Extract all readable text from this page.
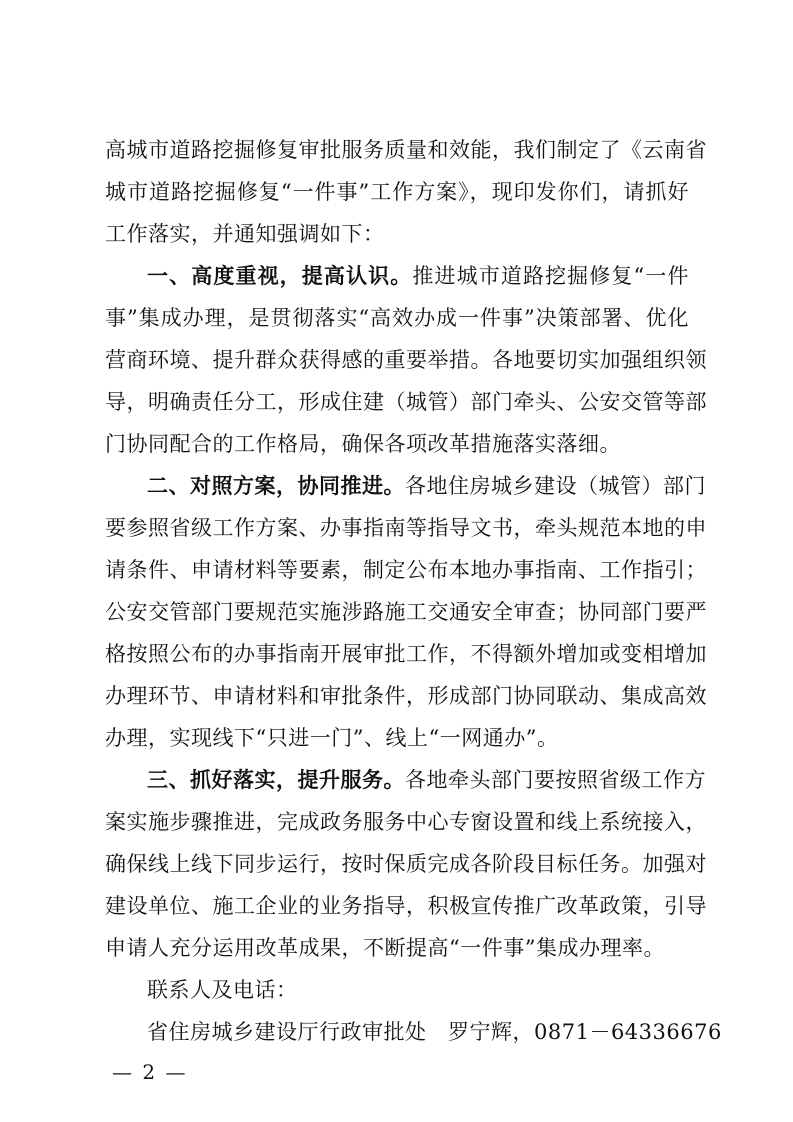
高城市道路挖掘修复审批服务质量和效能，我们制定了《云南省
城市道路挖掘修复“一件事”工作方案》，现印发你们，请抓好
工作落实，并通知强调如下：
一、高度重视，提高认识。推进城市道路挖掘修复“一件
事”集成办理，是贯彻落实“高效办成一件事”决策部署、优化
营商环境、提升群众获得感的重要举措。各地要切实加强组织领
导，明确责任分工，形成住建（城管）部门牵头、公安交管等部
门协同配合的工作格局，确保各项改革措施落实落细。
二、对照方案，协同推进。各地住房城乡建设（城管）部门
要参照省级工作方案、办事指南等指导文书，牵头规范本地的申
请条件、申请材料等要素，制定公布本地办事指南、工作指引；
公安交管部门要规范实施涉路施工交通安全审查；协同部门要严
格按照公布的办事指南开展审批工作，不得额外增加或变相增加
办理环节、申请材料和审批条件，形成部门协同联动、集成高效
办理，实现线下“只进一门”、线上“一网通办”。
三、抓好落实，提升服务。各地牵头部门要按照省级工作方
案实施步骤推进，完成政务服务中心专窗设置和线上系统接入，
确保线上线下同步运行，按时保质完成各阶段目标任务。加强对
建设单位、施工企业的业务指导，积极宣传推广改革政策，引导
申请人充分运用改革成果，不断提高“一件事”集成办理率。
联系人及电话：
省住房城乡建设厅行政审批处　罗宁辉，0871－64336676
— 2 —
